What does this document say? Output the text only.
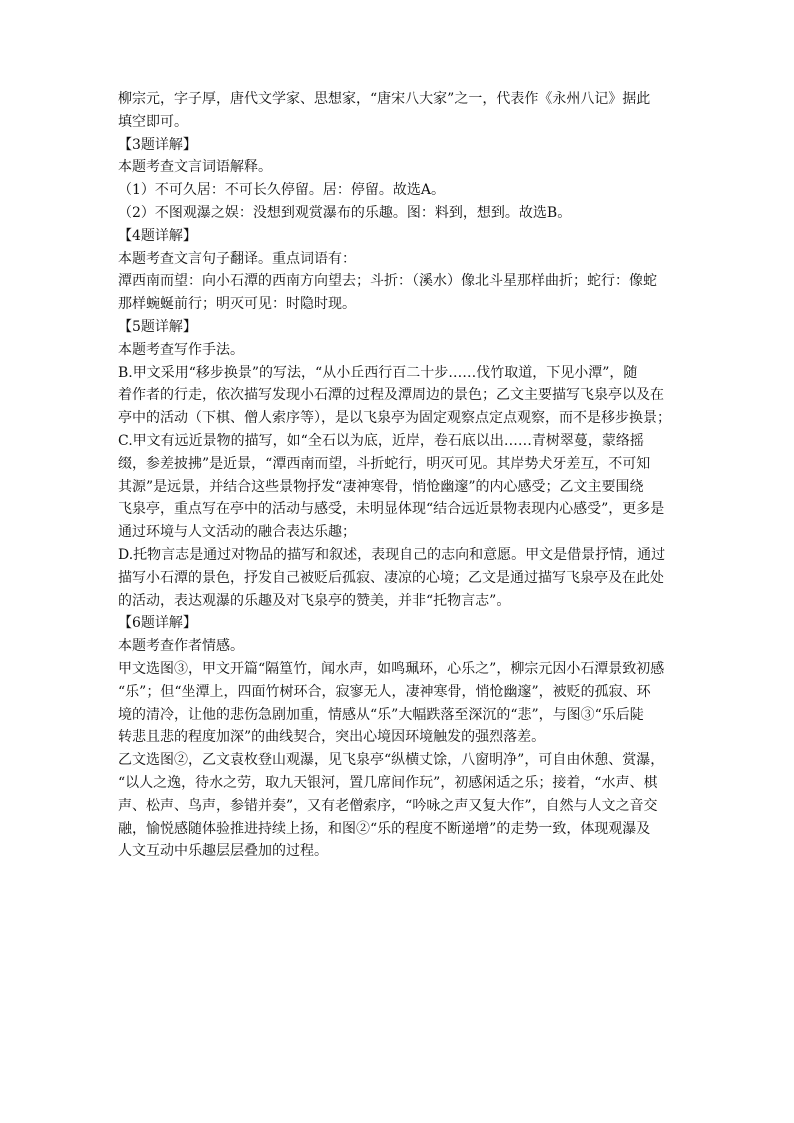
柳宗元，字子厚，唐代文学家、思想家，“唐宋八大家”之一，代表作《永州八记》据此

填空即可。

【3题详解】

本题考查文言词语解释。

（1）不可久居：不可长久停留。居：停留。故选A。

（2）不图观瀑之娱：没想到观赏瀑布的乐趣。图：料到，想到。故选B。

【4题详解】

本题考查文言句子翻译。重点词语有：

潭西南而望：向小石潭的西南方向望去；斗折：（溪水）像北斗星那样曲折；蛇行：像蛇

那样蜿蜒前行；明灭可见：时隐时现。

【5题详解】

本题考查写作手法。

B.甲文采用“移步换景”的写法，“从小丘西行百二十步……伐竹取道，下见小潭”，随

着作者的行走，依次描写发现小石潭的过程及潭周边的景色；乙文主要描写飞泉亭以及在

亭中的活动（下棋、僧人索序等），是以飞泉亭为固定观察点定点观察，而不是移步换景；

C.甲文有远近景物的描写，如“全石以为底，近岸，卷石底以出……青树翠蔓，蒙络摇

缀，参差披拂”是近景，“潭西南而望，斗折蛇行，明灭可见。其岸势犬牙差互，不可知

其源”是远景，并结合这些景物抒发“凄神寒骨，悄怆幽邃”的内心感受；乙文主要围绕

飞泉亭，重点写在亭中的活动与感受，未明显体现“结合远近景物表现内心感受”，更多是

通过环境与人文活动的融合表达乐趣；

D.托物言志是通过对物品的描写和叙述，表现自己的志向和意愿。甲文是借景抒情，通过

描写小石潭的景色，抒发自己被贬后孤寂、凄凉的心境；乙文是通过描写飞泉亭及在此处

的活动，表达观瀑的乐趣及对飞泉亭的赞美，并非“托物言志”。

【6题详解】

本题考查作者情感。

甲文选图③，甲文开篇“隔篁竹，闻水声，如鸣珮环，心乐之”，柳宗元因小石潭景致初感

“乐”；但“坐潭上，四面竹树环合，寂寥无人，凄神寒骨，悄怆幽邃”，被贬的孤寂、环

境的清冷，让他的悲伤急剧加重，情感从“乐”大幅跌落至深沉的“悲”，与图③“乐后陡

转悲且悲的程度加深”的曲线契合，突出心境因环境触发的强烈落差。

乙文选图②，乙文袁枚登山观瀑，见飞泉亭“纵横丈馀，八窗明净”，可自由休憩、赏瀑，

“以人之逸，待水之劳，取九天银河，置几席间作玩”，初感闲适之乐；接着，“水声、棋

声、松声、鸟声，参错并奏”，又有老僧索序，“吟咏之声又复大作”，自然与人文之音交

融，愉悦感随体验推进持续上扬，和图②“乐的程度不断递增”的走势一致，体现观瀑及

人文互动中乐趣层层叠加的过程。
